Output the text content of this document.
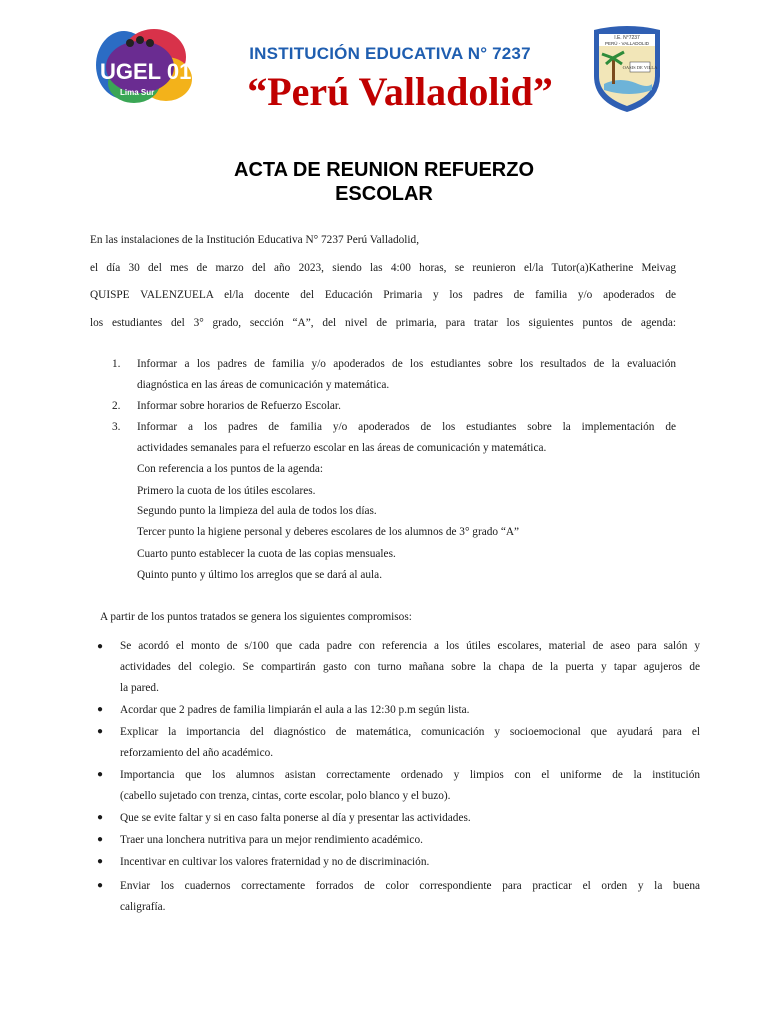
UGEL 01
Lima Sur
I.E. N°7237
PERÚ - VALLADOLID
OASIS DE VILLA
INSTITUCIÓN EDUCATIVA N° 7237
“Perú Valladolid”
ACTA DE REUNION REFUERZO
ESCOLAR
En las instalaciones de la Institución Educativa N° 7237 Perú Valladolid,
el día 30 del mes de marzo del año 2023, siendo las 4:00 horas, se reunieron el/la Tutor(a)Katherine Meivag
QUISPE VALENZUELA el/la docente del Educación Primaria y los padres de familia y/o apoderados de
los estudiantes del 3° grado, sección “A”, del nivel de primaria, para tratar los siguientes puntos de agenda:
1.	Informar a los padres de familia y/o apoderados de los estudiantes sobre los resultados de la evaluación
diagnóstica en las áreas de comunicación y matemática.
2.	Informar sobre horarios de Refuerzo Escolar.
3.	Informar a los padres de familia y/o apoderados de los estudiantes sobre la implementación de
actividades semanales para el refuerzo escolar en las áreas de comunicación y matemática.
Con referencia a los puntos de la agenda:
Primero la cuota de los útiles escolares.
Segundo punto la limpieza del aula de todos los días.
Tercer punto la higiene personal y deberes escolares de los alumnos de 3° grado “A”
Cuarto punto establecer la cuota de las copias mensuales.
Quinto punto y último los arreglos que se dará al aula.
A partir de los puntos tratados se genera los siguientes compromisos:
● Se acordó el monto de s/100 que cada padre con referencia a los útiles escolares, material de aseo para salón y
actividades del colegio. Se compartirán gasto con turno mañana sobre la chapa de la puerta y tapar agujeros de
la pared.
● Acordar que 2 padres de familia limpiarán el aula a las 12:30 p.m según lista.
● Explicar la importancia del diagnóstico de matemática, comunicación y socioemocional que ayudará para el
reforzamiento del año académico.
● Importancia que los alumnos asistan correctamente ordenado y limpios con el uniforme de la institución
(cabello sujetado con trenza, cintas, corte escolar, polo blanco y el buzo).
● Que se evite faltar y si en caso falta ponerse al día y presentar las actividades.
● Traer una lonchera nutritiva para un mejor rendimiento académico.
● Incentivar en cultivar los valores fraternidad y no de discriminación.
● Enviar los cuadernos correctamente forrados de color correspondiente para practicar el orden y la buena
caligrafía.
